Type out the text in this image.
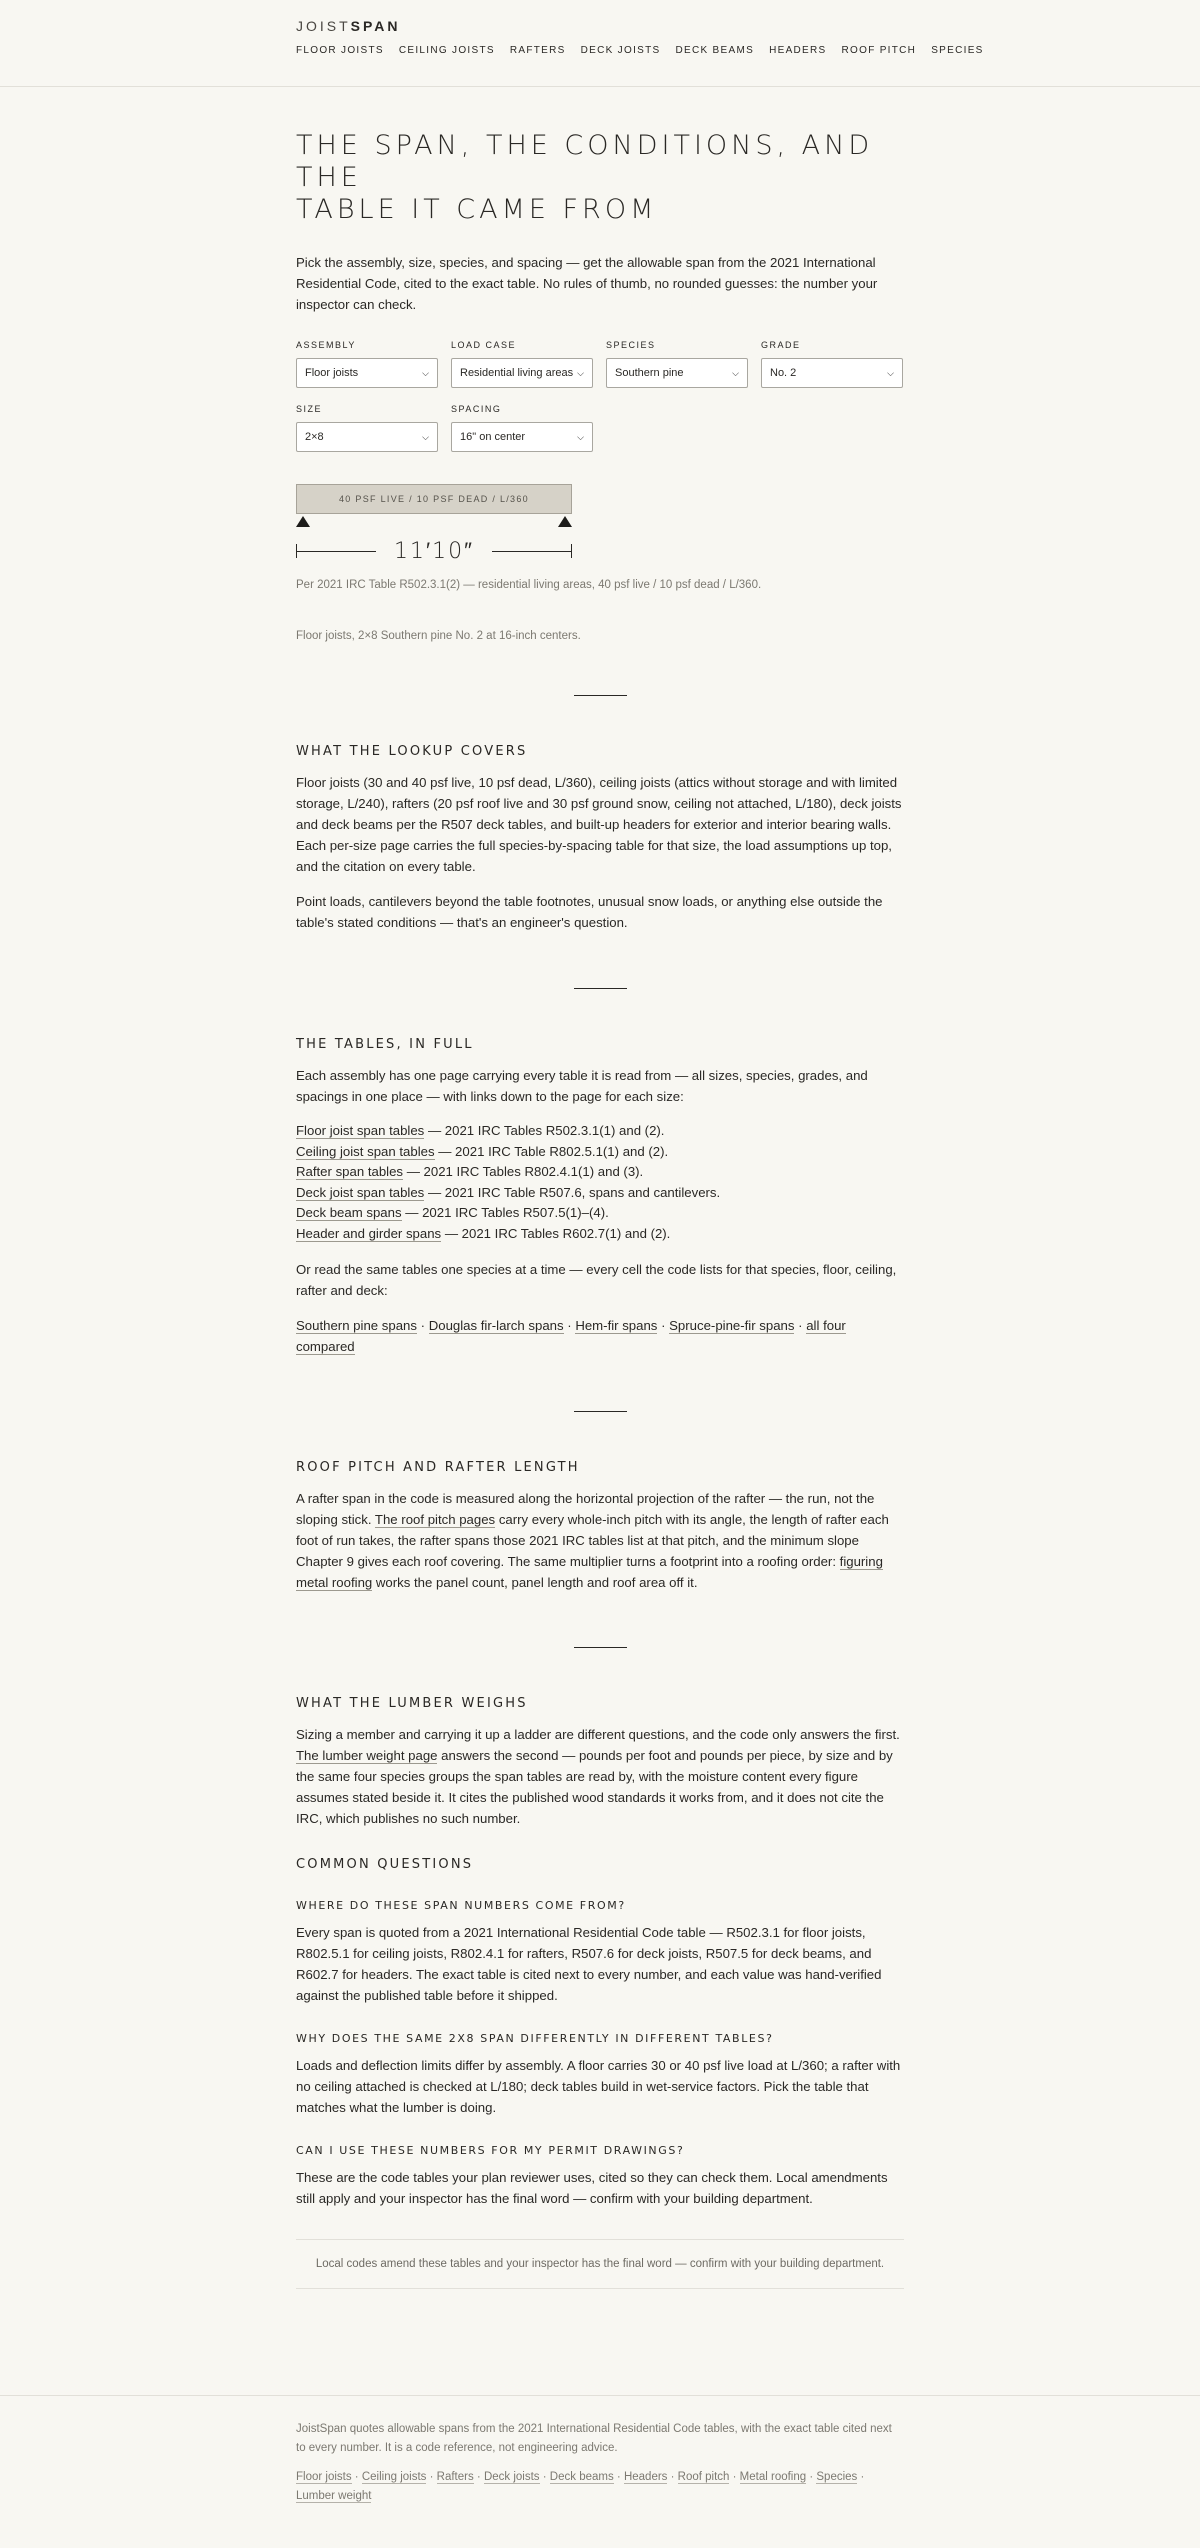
JOISTSPAN
FLOOR JOISTS CEILING JOISTS RAFTERS DECK JOISTS DECK BEAMS HEADERS ROOF PITCH SPECIES
THE SPAN, THE CONDITIONS, AND THE
TABLE IT CAME FROM

Pick the assembly, size, species, and spacing — get the allowable span from the 2021 International Residential Code, cited to the exact table. No rules of thumb, no rounded guesses: the number your inspector can check.

ASSEMBLY
Floor joists	⌵
LOAD CASE
Residential living areas ⌵
SPECIES
Southern pine	⌵
GRADE
No. 2	⌵
SIZE
2×8	⌵
SPACING
16" on center	⌵
40 PSF LIVE / 10 PSF DEAD / L/360
11′10″

Per 2021 IRC Table R502.3.1(2) — residential living areas, 40 psf live / 10 psf dead / L/360.

Floor joists, 2×8 Southern pine No. 2 at 16-inch centers.

WHAT THE LOOKUP COVERS

Floor joists (30 and 40 psf live, 10 psf dead, L/360), ceiling joists (attics without storage and with limited storage, L/240), rafters (20 psf roof live and 30 psf ground snow, ceiling not attached, L/180), deck joists and deck beams per the R507 deck tables, and built-up headers for exterior and interior bearing walls. Each per-size page carries the full species-by-spacing table for that size, the load assumptions up top, and the citation on every table.

Point loads, cantilevers beyond the table footnotes, unusual snow loads, or anything else outside the table's stated conditions — that's an engineer's question.

THE TABLES, IN FULL

Each assembly has one page carrying every table it is read from — all sizes, species, grades, and spacings in one place — with links down to the page for each size:

Floor joist span tables — 2021 IRC Tables R502.3.1(1) and (2).

Ceiling joist span tables — 2021 IRC Table R802.5.1(1) and (2).

Rafter span tables — 2021 IRC Tables R802.4.1(1) and (3).

Deck joist span tables — 2021 IRC Table R507.6, spans and cantilevers.

Deck beam spans — 2021 IRC Tables R507.5(1)–(4).

Header and girder spans — 2021 IRC Tables R602.7(1) and (2).

Or read the same tables one species at a time — every cell the code lists for that species, floor, ceiling, rafter and deck:

Southern pine spans · Douglas fir-larch spans · Hem-fir spans · Spruce-pine-fir spans · all four compared

ROOF PITCH AND RAFTER LENGTH

A rafter span in the code is measured along the horizontal projection of the rafter — the run, not the sloping stick. The roof pitch pages carry every whole-inch pitch with its angle, the length of rafter each foot of run takes, the rafter spans those 2021 IRC tables list at that pitch, and the minimum slope Chapter 9 gives each roof covering. The same multiplier turns a footprint into a roofing order: figuring metal roofing works the panel count, panel length and roof area off it.

WHAT THE LUMBER WEIGHS

Sizing a member and carrying it up a ladder are different questions, and the code only answers the first. The lumber weight page answers the second — pounds per foot and pounds per piece, by size and by the same four species groups the span tables are read by, with the moisture content every figure assumes stated beside it. It cites the published wood standards it works from, and it does not cite the IRC, which publishes no such number.

COMMON QUESTIONS
WHERE DO THESE SPAN NUMBERS COME FROM?

Every span is quoted from a 2021 International Residential Code table — R502.3.1 for floor joists, R802.5.1 for ceiling joists, R802.4.1 for rafters, R507.6 for deck joists, R507.5 for deck beams, and R602.7 for headers. The exact table is cited next to every number, and each value was hand-verified against the published table before it shipped.

WHY DOES THE SAME 2X8 SPAN DIFFERENTLY IN DIFFERENT TABLES?

Loads and deflection limits differ by assembly. A floor carries 30 or 40 psf live load at L/360; a rafter with no ceiling attached is checked at L/180; deck tables build in wet-service factors. Pick the table that matches what the lumber is doing.

CAN I USE THESE NUMBERS FOR MY PERMIT DRAWINGS?

These are the code tables your plan reviewer uses, cited so they can check them. Local amendments still apply and your inspector has the final word — confirm with your building department.

Local codes amend these tables and your inspector has the final word — confirm with your building department.

JoistSpan quotes allowable spans from the 2021 International Residential Code tables, with the exact table cited next to every number. It is a code reference, not engineering advice.

Floor joists · Ceiling joists · Rafters · Deck joists · Deck beams · Headers · Roof pitch · Metal roofing · Species · Lumber weight
